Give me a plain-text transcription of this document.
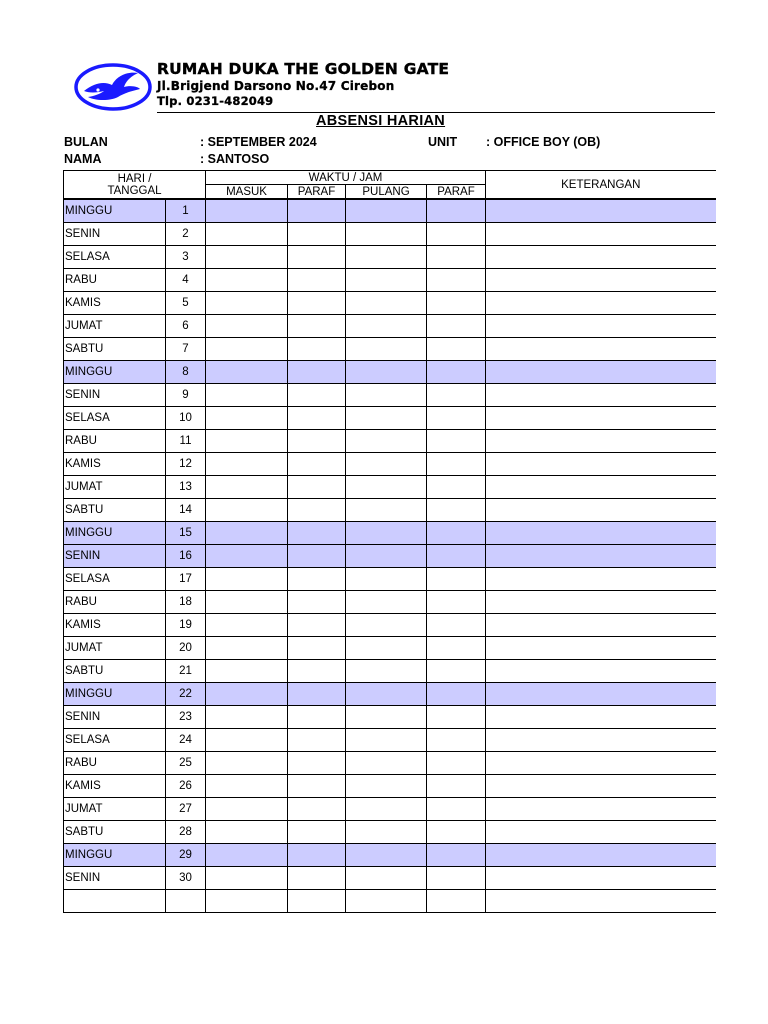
RUMAH DUKA THE GOLDEN GATE
Jl.Brigjend Darsono No.47 Cirebon
Tlp. 0231-482049
ABSENSI HARIAN
BULAN	: SEPTEMBER 2024	UNIT : OFFICE BOY (OB)
NAMA	: SANTOSO
HARI /
TANGGAL		WAKTU / JAM				KETERANGAN
		MASUK	PARAF	PULANG	PARAF	
MINGGU	1					
SENIN	2					
SELASA	3					
RABU	4					
KAMIS	5					
JUMAT	6					
SABTU	7					
MINGGU	8					
SENIN	9					
SELASA	10					
RABU	11					
KAMIS	12					
JUMAT	13					
SABTU	14					
MINGGU	15					
SENIN	16					
SELASA	17					
RABU	18					
KAMIS	19					
JUMAT	20					
SABTU	21					
MINGGU	22					
SENIN	23					
SELASA	24					
RABU	25					
KAMIS	26					
JUMAT	27					
SABTU	28					
MINGGU	29					
SENIN	30					
